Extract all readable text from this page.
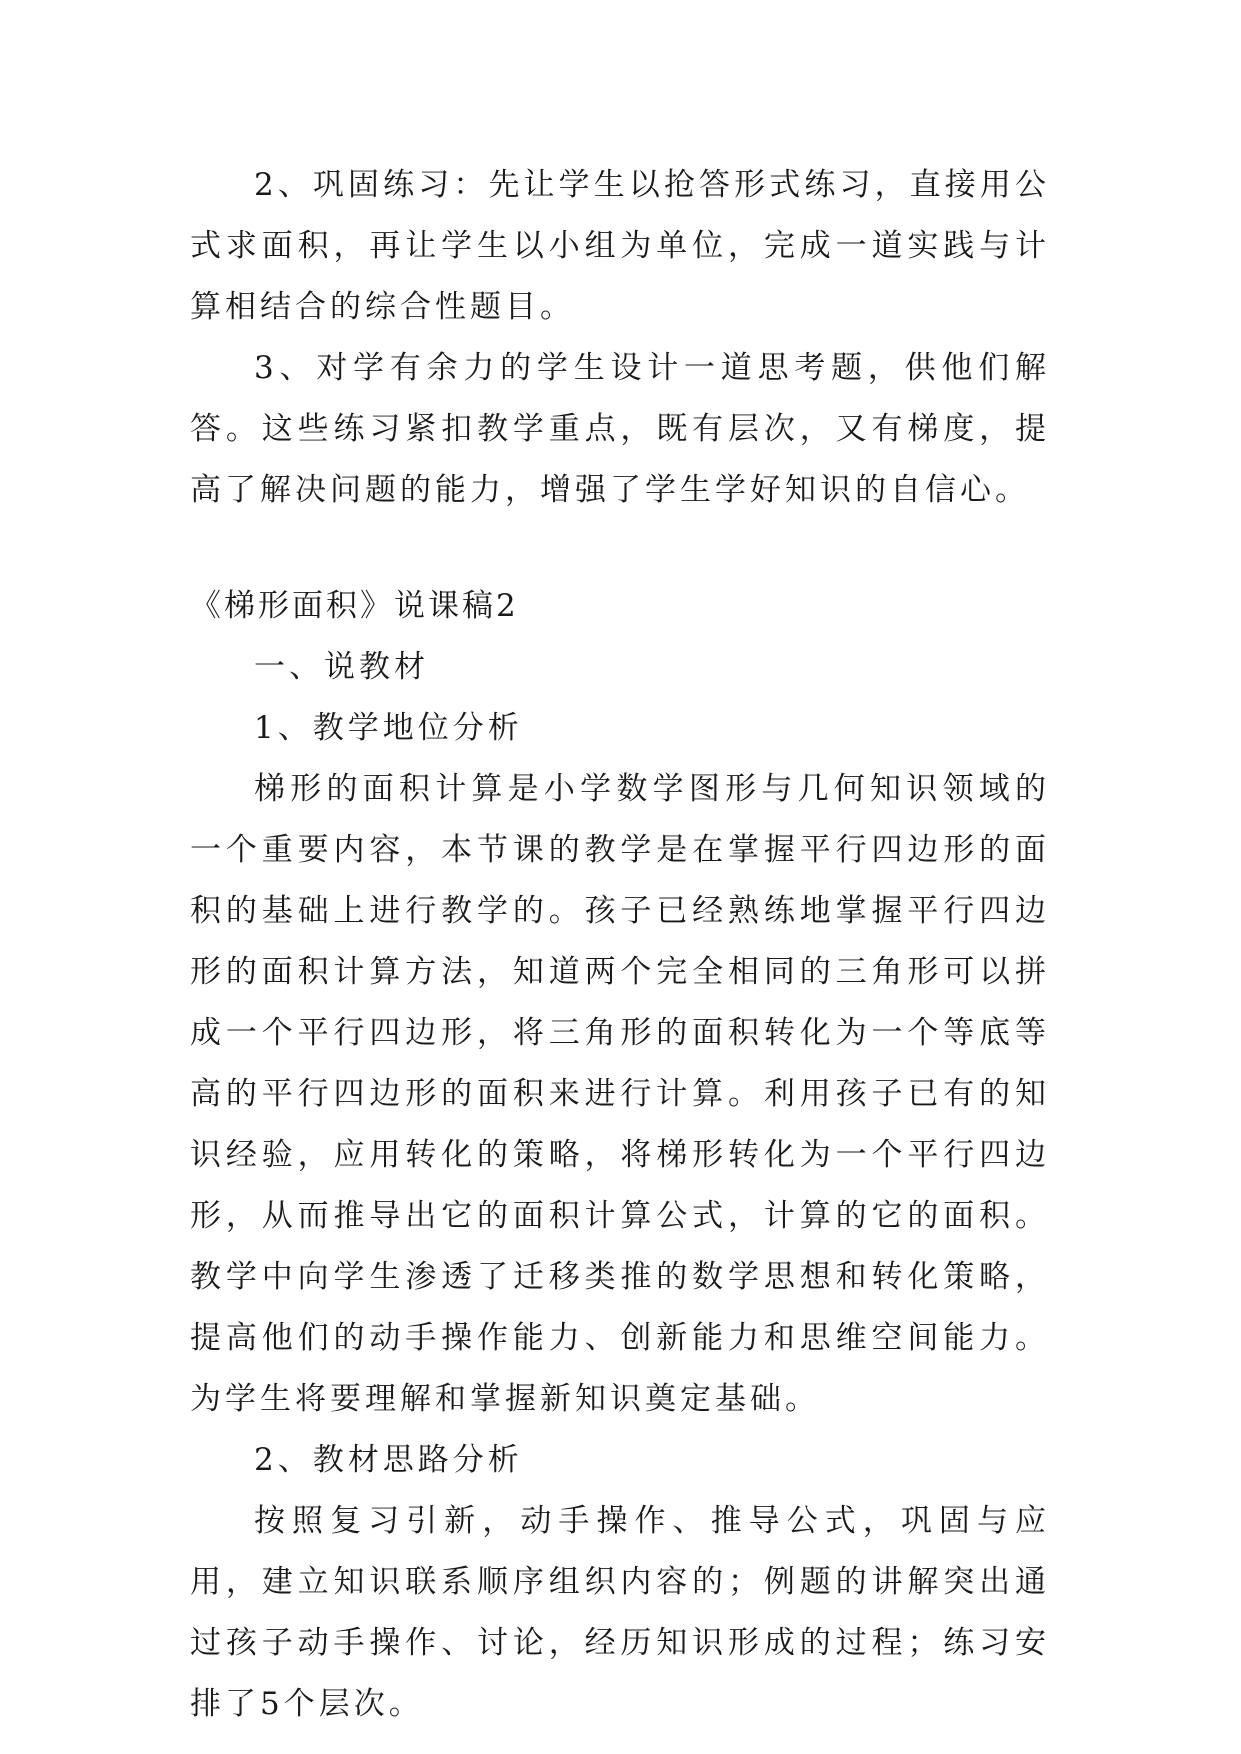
2、巩固练习：先让学生以抢答形式练习，直接用公式求面积，再让学生以小组为单位，完成一道实践与计算相结合的综合性题目。

3、对学有余力的学生设计一道思考题，供他们解答。这些练习紧扣教学重点，既有层次，又有梯度，提高了解决问题的能力，增强了学生学好知识的自信心。

《梯形面积》说课稿2

一、说教材

1、教学地位分析

梯形的面积计算是小学数学图形与几何知识领域的一个重要内容，本节课的教学是在掌握平行四边形的面积的基础上进行教学的。孩子已经熟练地掌握平行四边形的面积计算方法，知道两个完全相同的三角形可以拼成一个平行四边形，将三角形的面积转化为一个等底等高的平行四边形的面积来进行计算。利用孩子已有的知识经验，应用转化的策略，将梯形转化为一个平行四边形，从而推导出它的面积计算公式，计算的它的面积。教学中向学生渗透了迁移类推的数学思想和转化策略，提高他们的动手操作能力、创新能力和思维空间能力。为学生将要理解和掌握新知识奠定基础。

2、教材思路分析

按照复习引新，动手操作、推导公式，巩固与应用，建立知识联系顺序组织内容的；例题的讲解突出通过孩子动手操作、讨论，经历知识形成的过程；练习安排了5个层次。
